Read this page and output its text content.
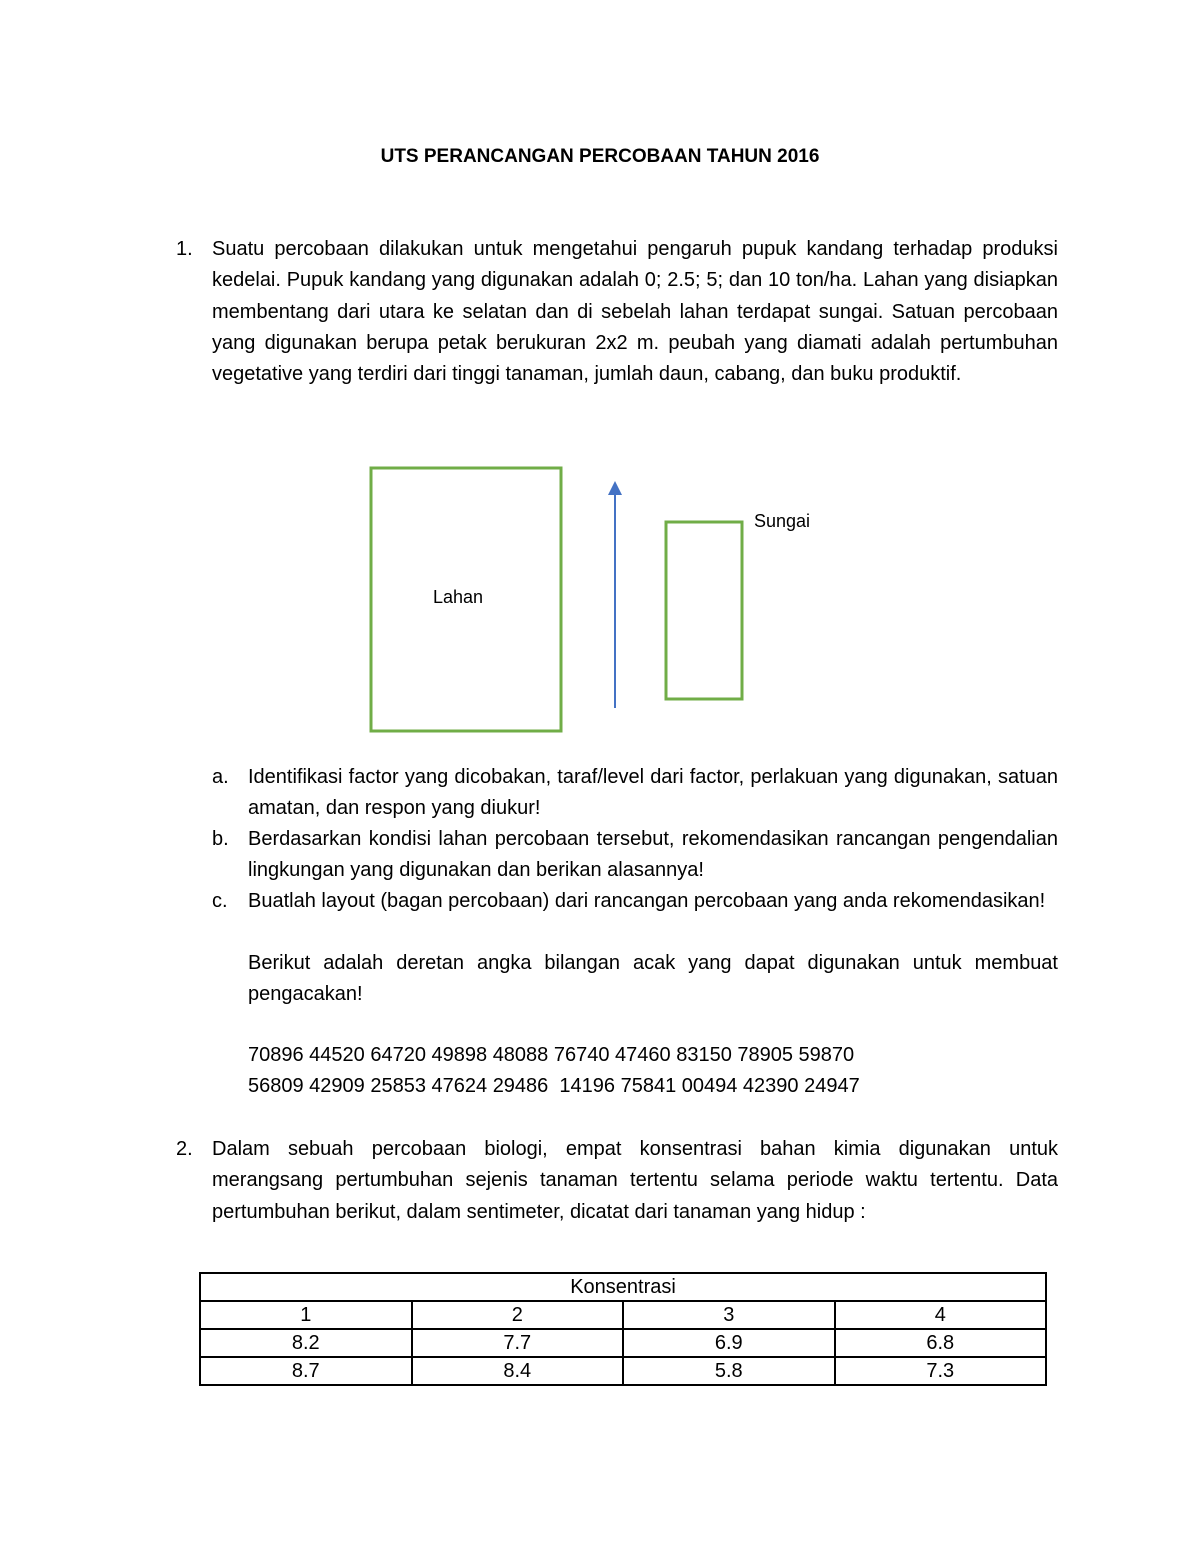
UTS PERANCANGAN PERCOBAAN TAHUN 2016
1. Suatu percobaan dilakukan untuk mengetahui pengaruh pupuk kandang terhadap produksi kedelai. Pupuk kandang yang digunakan adalah 0; 2.5; 5; dan 10 ton/ha. Lahan yang disiapkan membentang dari utara ke selatan dan di sebelah lahan terdapat sungai. Satuan percobaan yang digunakan berupa petak berukuran 2x2 m. peubah yang diamati adalah pertumbuhan vegetative yang terdiri dari tinggi tanaman, jumlah daun, cabang, dan buku produktif.
Lahan
Sungai
a. Identifikasi factor yang dicobakan, taraf/level dari factor, perlakuan yang digunakan, satuan amatan, dan respon yang diukur!
b. Berdasarkan kondisi lahan percobaan tersebut, rekomendasikan rancangan pengendalian lingkungan yang digunakan dan berikan alasannya!
c. Buatlah layout (bagan percobaan) dari rancangan percobaan yang anda rekomendasikan!
Berikut adalah deretan angka bilangan acak yang dapat digunakan untuk membuat pengacakan!
70896 44520 64720 49898 48088 76740 47460 83150 78905 59870
56809 42909 25853 47624 29486  14196 75841 00494 42390 24947
2. Dalam sebuah percobaan biologi, empat konsentrasi bahan kimia digunakan untuk merangsang pertumbuhan sejenis tanaman tertentu selama periode waktu tertentu. Data pertumbuhan berikut, dalam sentimeter, dicatat dari tanaman yang hidup :
Konsentrasi			
1	2	3	4
8.2	7.7	6.9	6.8
8.7	8.4	5.8	7.3
